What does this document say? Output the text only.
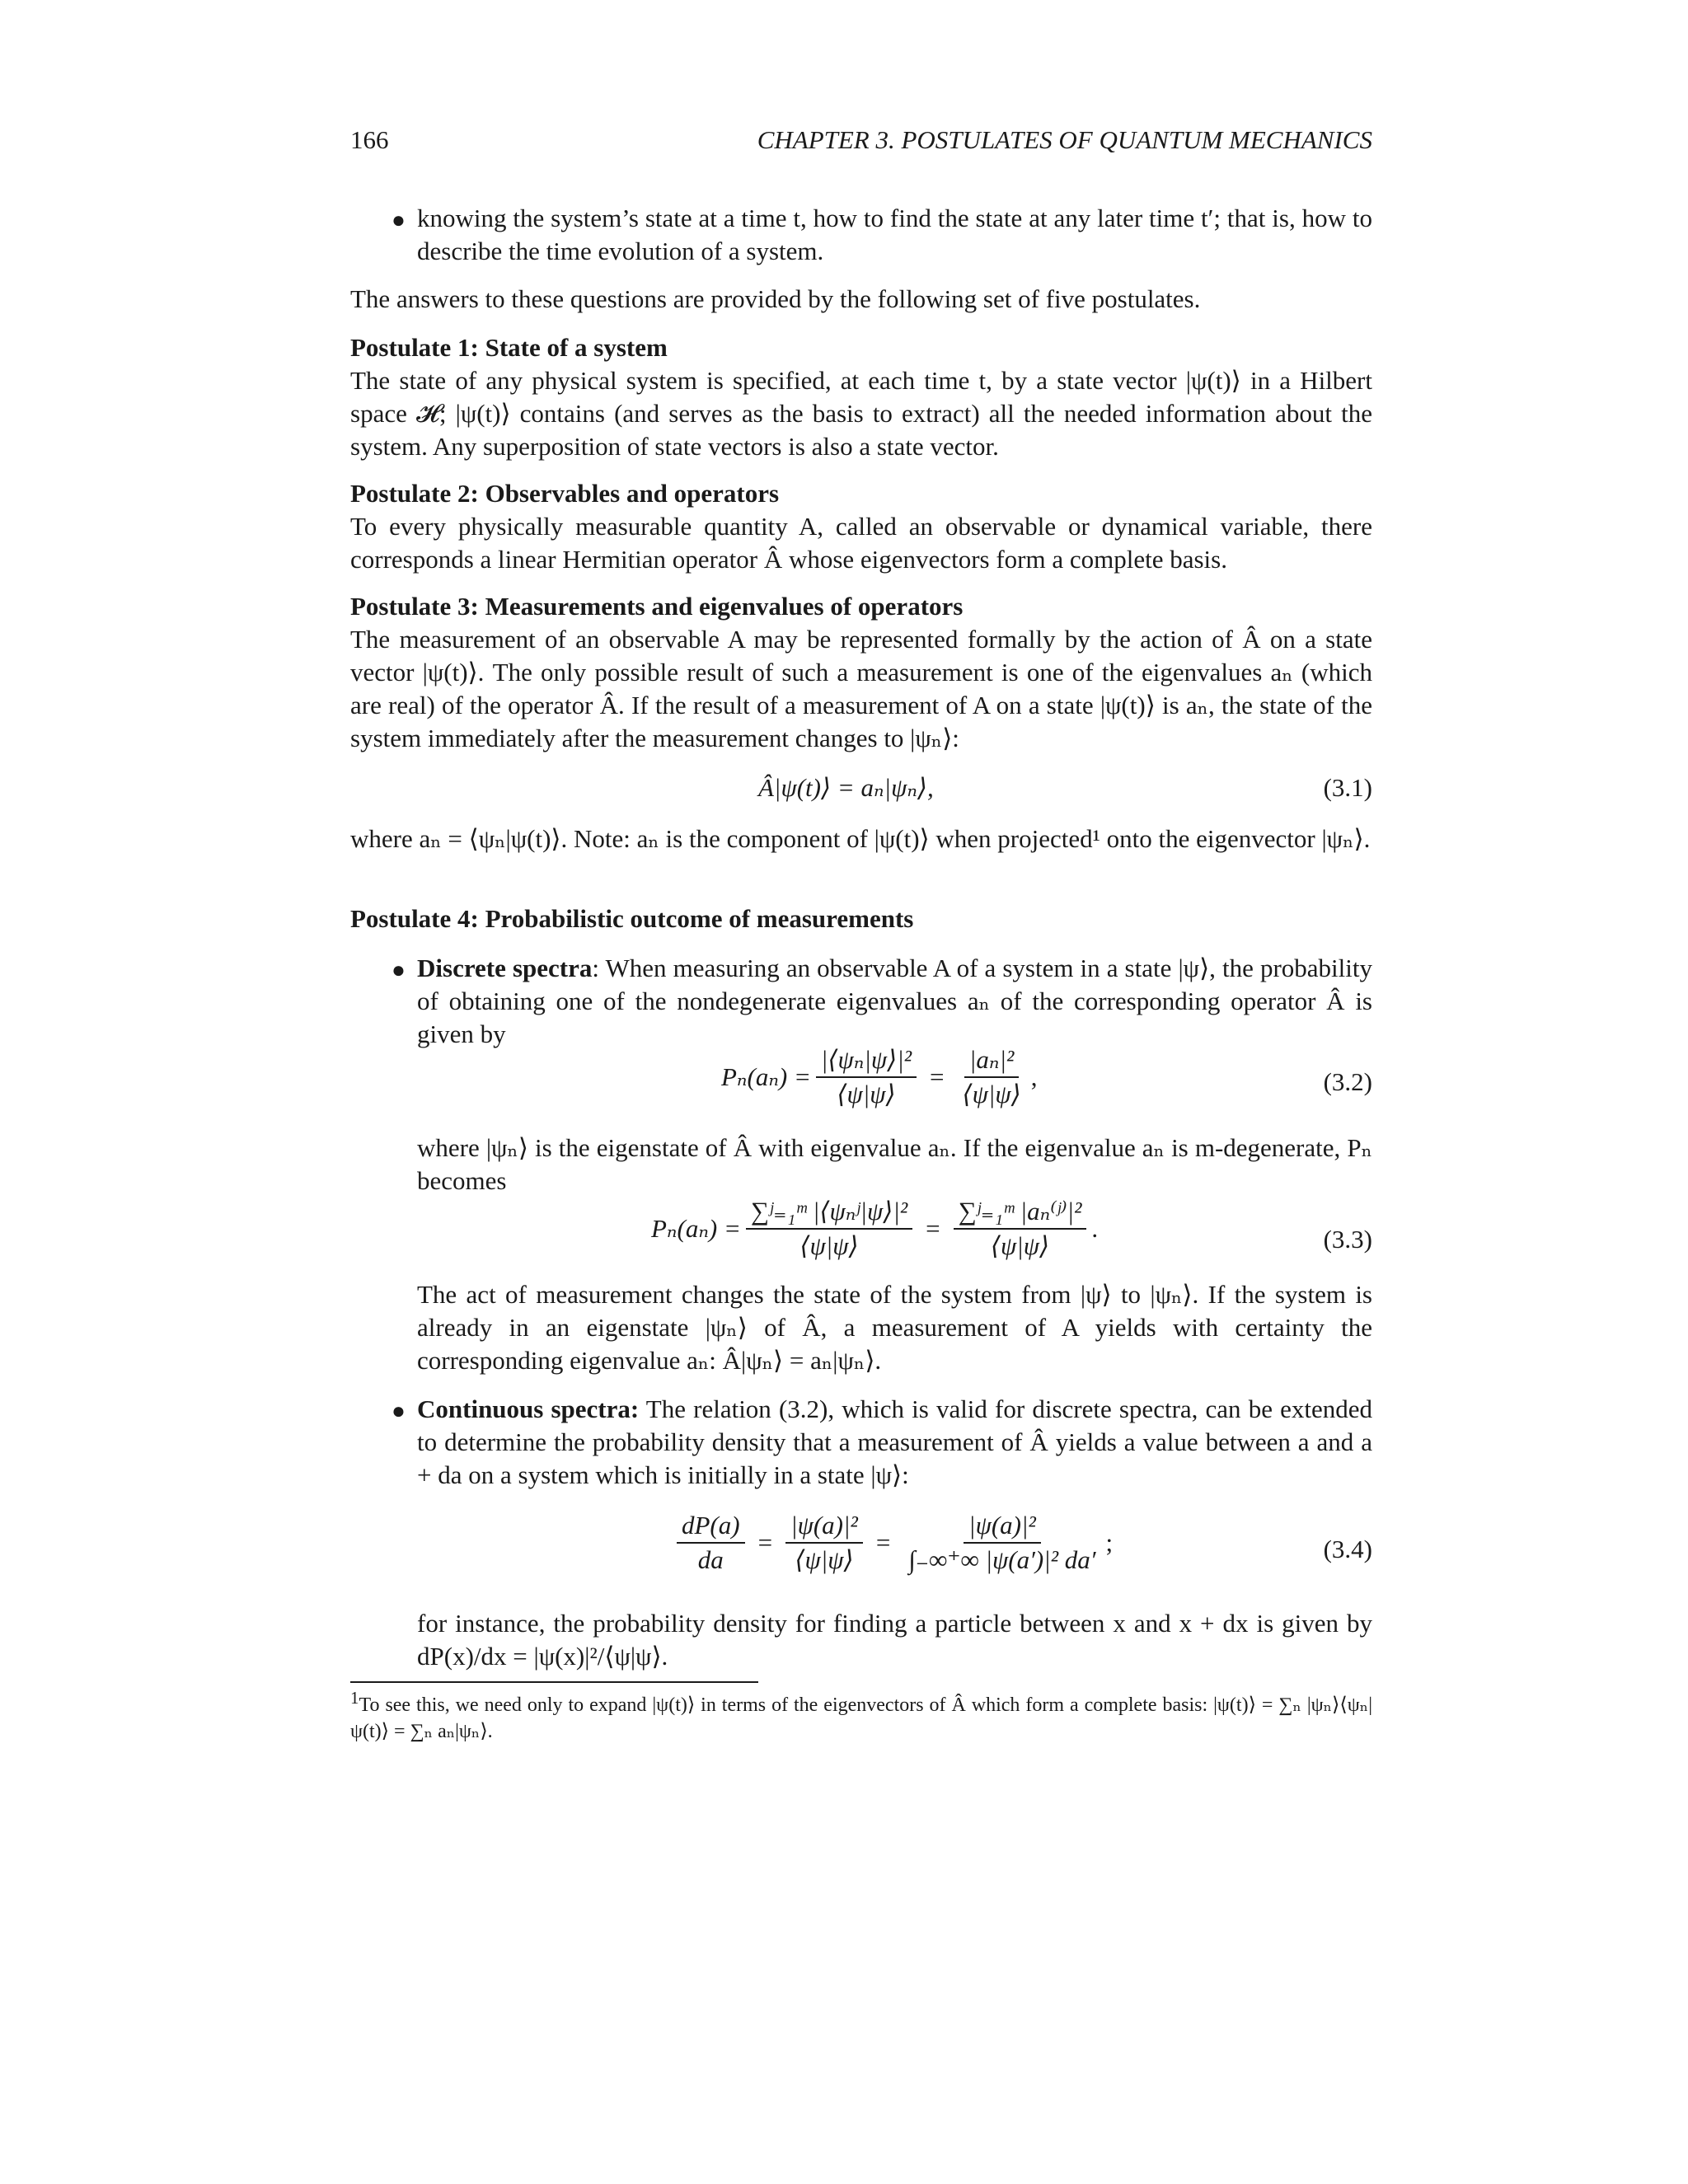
166	CHAPTER 3. POSTULATES OF QUANTUM MECHANICS
● knowing the system’s state at a time t, how to find the state at any later time t′; that is, how to describe the time evolution of a system.
The answers to these questions are provided by the following set of five postulates.
Postulate 1: State of a system
The state of any physical system is specified, at each time t, by a state vector |ψ(t)⟩ in a Hilbert space 𝓗; |ψ(t)⟩ contains (and serves as the basis to extract) all the needed information about the system. Any superposition of state vectors is also a state vector.
Postulate 2: Observables and operators
To every physically measurable quantity A, called an observable or dynamical variable, there corresponds a linear Hermitian operator Â whose eigenvectors form a complete basis.
Postulate 3: Measurements and eigenvalues of operators
The measurement of an observable A may be represented formally by the action of Â on a state vector |ψ(t)⟩. The only possible result of such a measurement is one of the eigenvalues aₙ (which are real) of the operator Â. If the result of a measurement of A on a state |ψ(t)⟩ is aₙ, the state of the system immediately after the measurement changes to |ψₙ⟩:
Â|ψ(t)⟩ = aₙ|ψₙ⟩,	(3.1)
where aₙ = ⟨ψₙ|ψ(t)⟩. Note: aₙ is the component of |ψ(t)⟩ when projected¹ onto the eigenvector |ψₙ⟩.
Postulate 4: Probabilistic outcome of measurements
● Discrete spectra: When measuring an observable A of a system in a state |ψ⟩, the probability of obtaining one of the nondegenerate eigenvalues aₙ of the corresponding operator Â is given by
$P_n(a_n) = \frac{\text{|⟨ψₙ|ψ⟩|²}}{⟨\psi|\psi⟩} = \frac{\text{|aₙ|²}}{⟨\psi|\psi⟩}$ ,	(3.2)
where |ψₙ⟩ is the eigenstate of Â with eigenvalue aₙ. If the eigenvalue aₙ is m-degenerate, Pₙ becomes
$P_n(a_n) = \frac{\text{∑ʲ₌₁ᵐ |⟨ψₙʲ|ψ⟩|²}}{⟨\psi|\psi⟩} = \frac{\text{∑ʲ₌₁ᵐ |aₙ⁽ʲ⁾|²}}{⟨\psi|\psi⟩}$ .	(3.3)
The act of measurement changes the state of the system from |ψ⟩ to |ψₙ⟩. If the system is already in an eigenstate |ψₙ⟩ of Â, a measurement of A yields with certainty the corresponding eigenvalue aₙ: Â|ψₙ⟩ = aₙ|ψₙ⟩.
● Continuous spectra: The relation (3.2), which is valid for discrete spectra, can be extended to determine the probability density that a measurement of Â yields a value between a and a + da on a system which is initially in a state |ψ⟩:
$\frac{dP(a)}{da} = \frac{\text{|ψ(a)|²}}{⟨\psi|\psi⟩} = \frac{\text{|ψ(a)|²}}{\text{∫₋∞⁺∞ |ψ(a′)|² da′}}$ ;	(3.4)
for instance, the probability density for finding a particle between x and x + dx is given by dP(x)/dx = |ψ(x)|²/⟨ψ|ψ⟩.
$^1$To see this, we need only to expand |ψ(t)⟩ in terms of the eigenvectors of Â which form a complete basis: |ψ(t)⟩ = ∑ₙ |ψₙ⟩⟨ψₙ|ψ(t)⟩ = ∑ₙ aₙ|ψₙ⟩.
